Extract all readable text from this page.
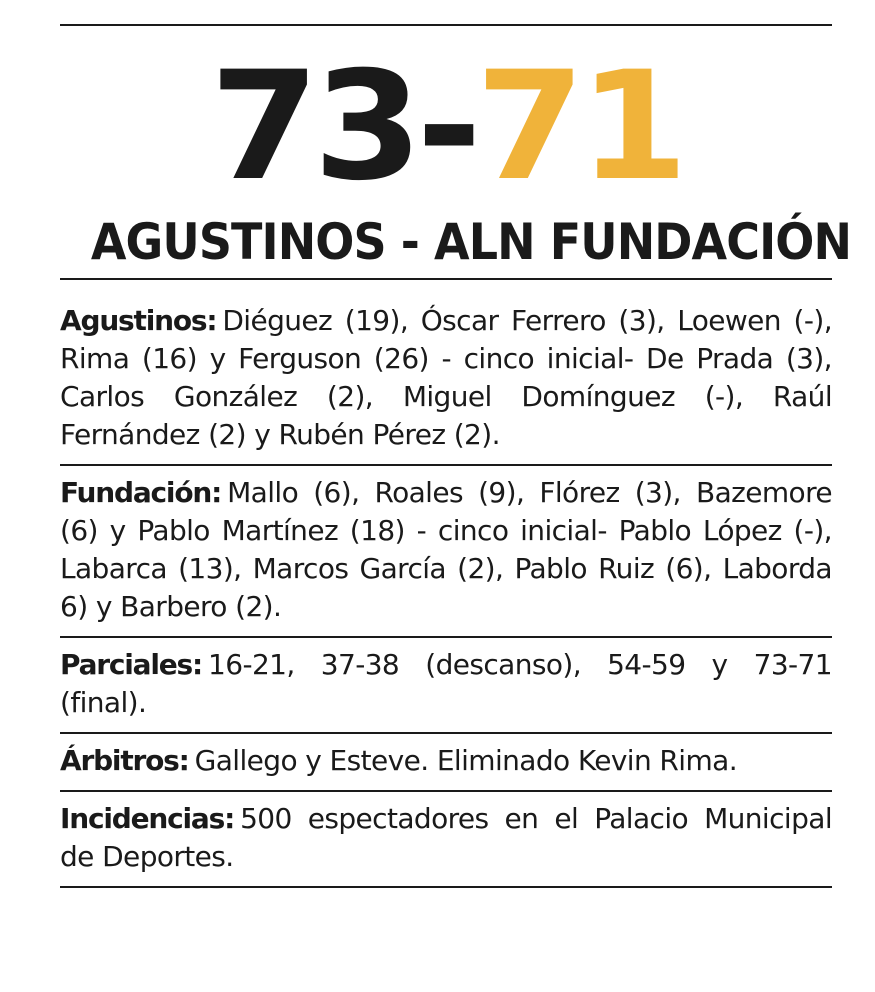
73-71
AGUSTINOS - ALN FUNDACIÓN
Agustinos: Diéguez (19), Óscar Ferrero (3), Loewen (-), Rima (16) y Ferguson (26) - cinco inicial- De Prada (3), Carlos González (2), Miguel Domínguez (-), Raúl Fernández (2) y Rubén Pérez (2).
Fundación: Mallo (6), Roales (9), Flórez (3), Bazemore (6) y Pablo Martínez (18) - cinco inicial- Pablo López (-), Labarca (13), Marcos García (2), Pablo Ruiz (6), Laborda 6) y Barbero (2).
Parciales: 16-21, 37-38 (descanso), 54-59 y 73-71 (final).
Árbitros: Gallego y Esteve. Eliminado Kevin Rima.
Incidencias: 500 espectadores en el Palacio Municipal de Deportes.
